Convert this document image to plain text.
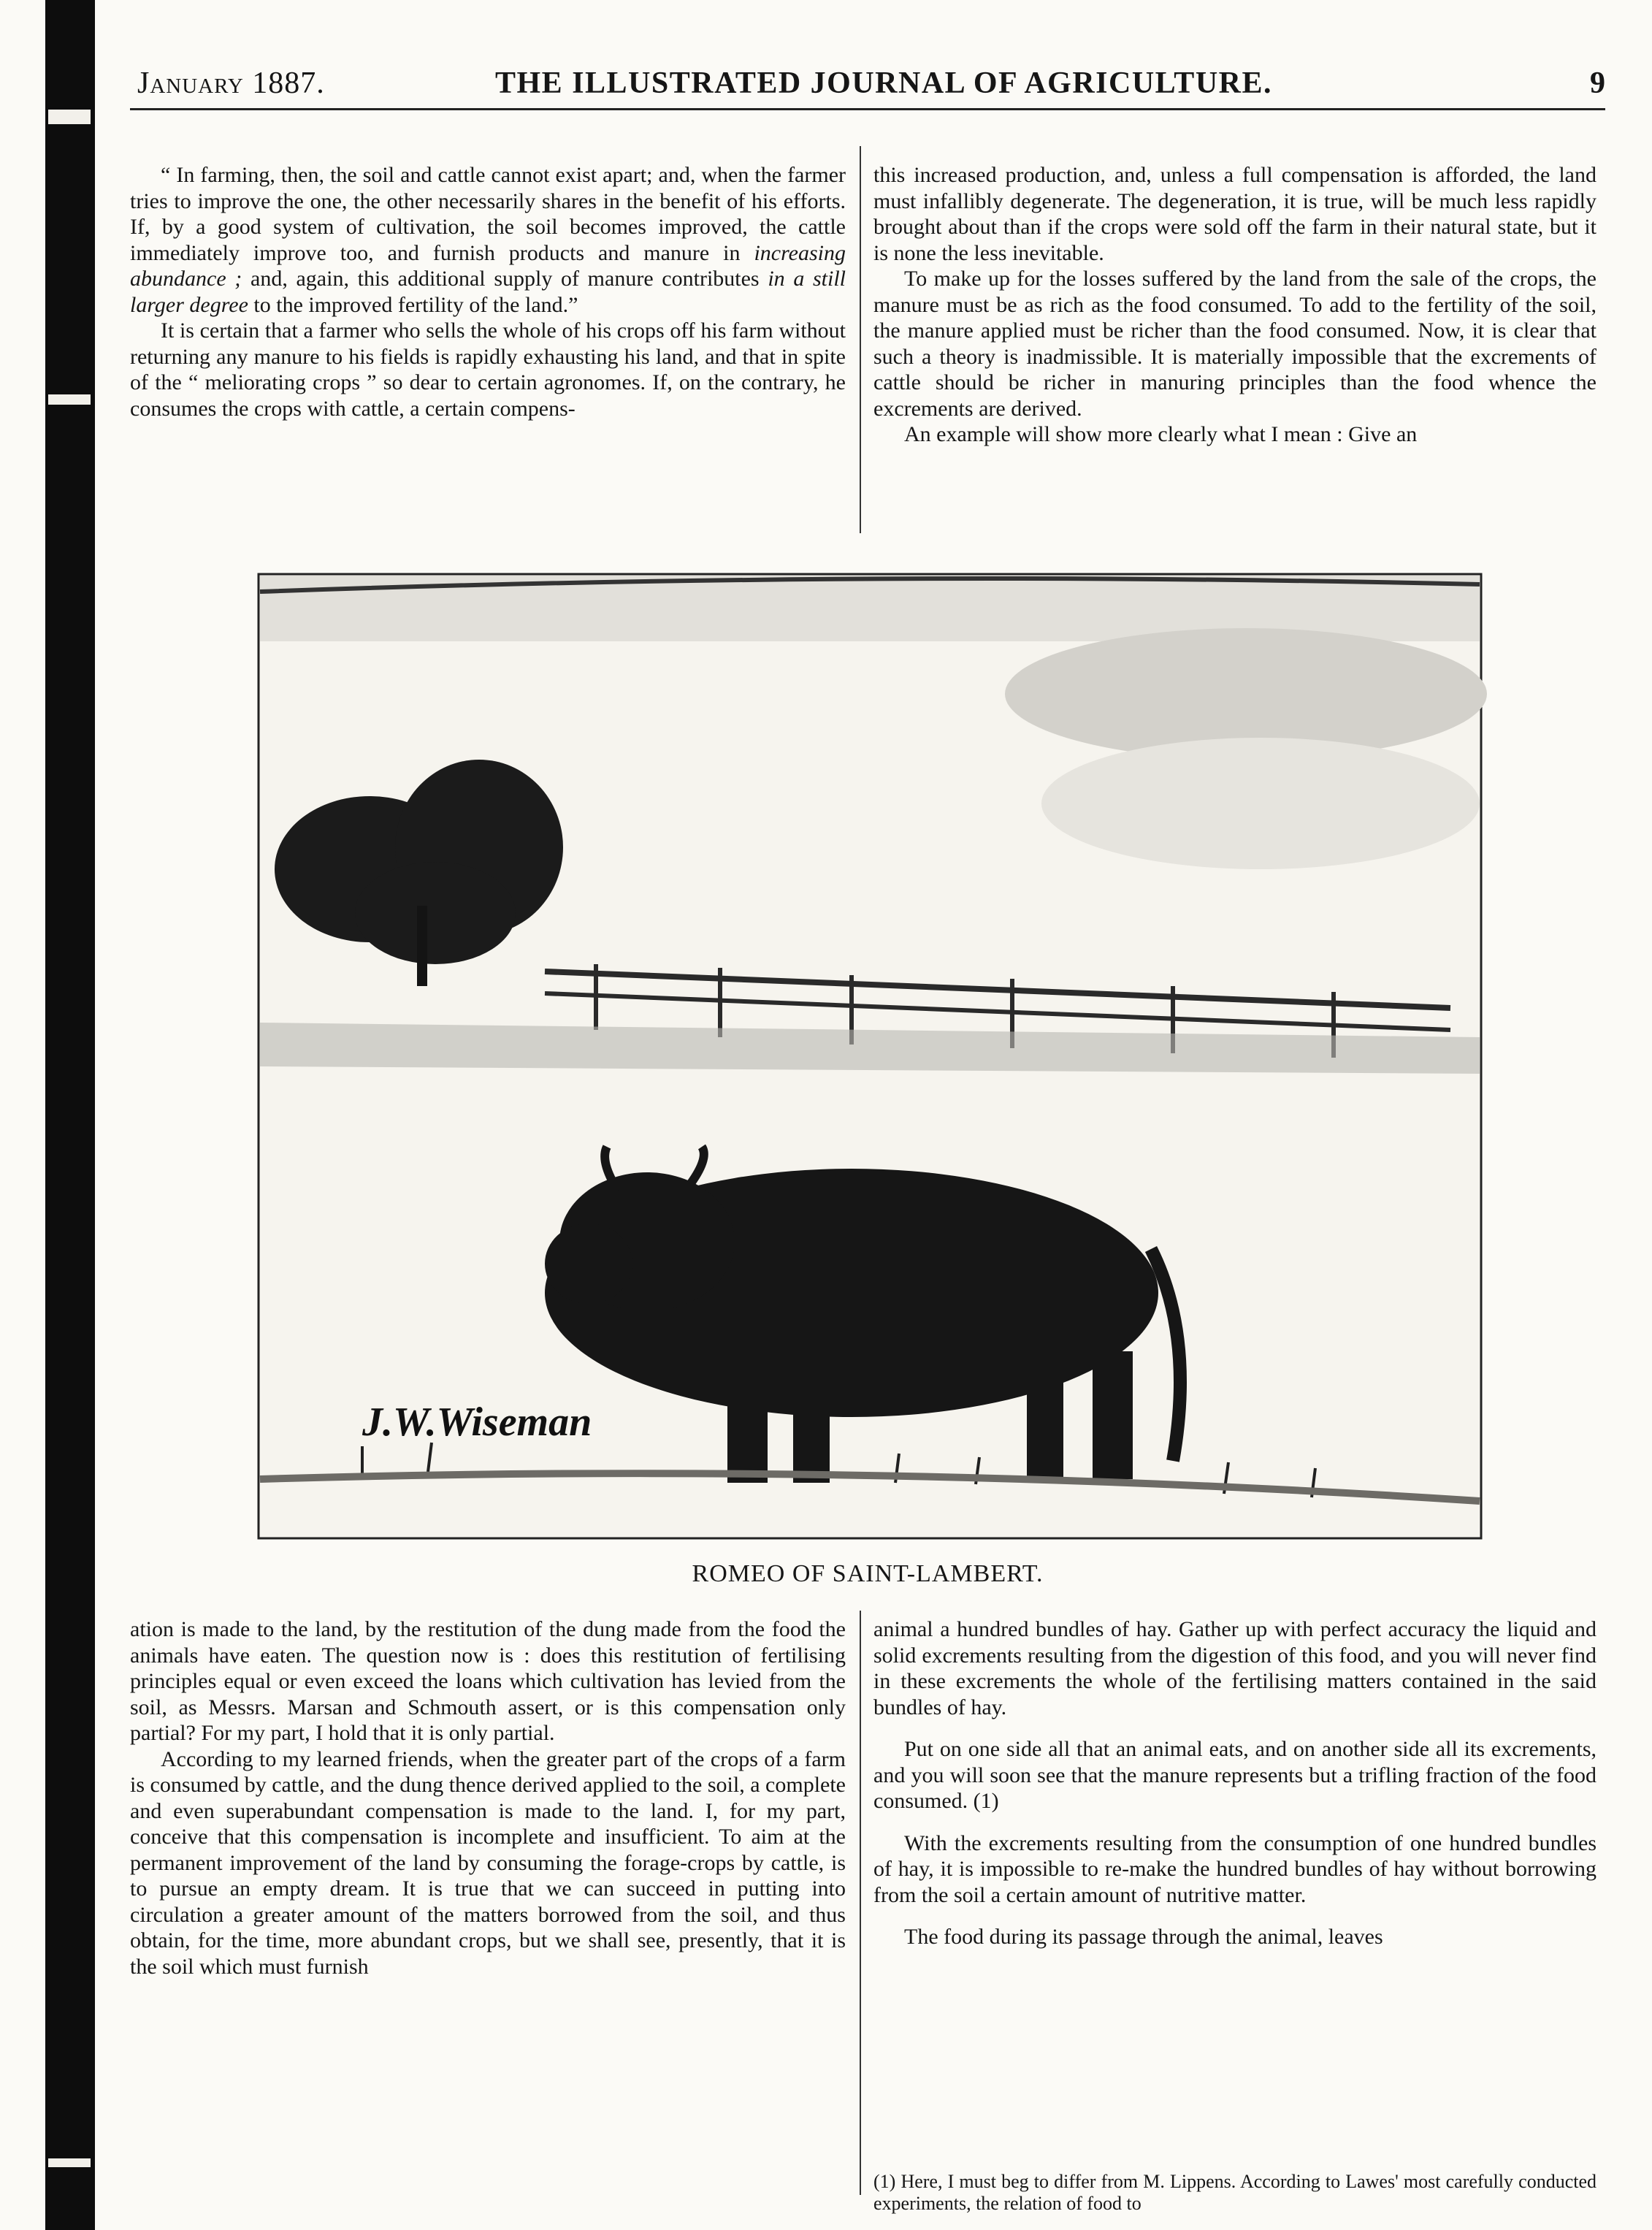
January 1887.	THE ILLUSTRATED JOURNAL OF AGRICULTURE.	9

“ In farming, then, the soil and cattle cannot exist apart; and, when the farmer tries to improve the one, the other necessarily shares in the benefit of his efforts. If, by a good system of cultivation, the soil becomes improved, the cattle immediately improve too, and furnish products and manure in increasing abundance ; and, again, this additional supply of manure contributes in a still larger degree to the improved fertility of the land.”

It is certain that a farmer who sells the whole of his crops off his farm without returning any manure to his fields is rapidly exhausting his land, and that in spite of the “ meliorating crops ” so dear to certain agronomes. If, on the contrary, he consumes the crops with cattle, a certain compens-

this increased production, and, unless a full compensation is afforded, the land must infallibly degenerate. The degeneration, it is true, will be much less rapidly brought about than if the crops were sold off the farm in their natural state, but it is none the less inevitable.

To make up for the losses suffered by the land from the sale of the crops, the manure must be as rich as the food consumed. To add to the fertility of the soil, the manure applied must be richer than the food consumed. Now, it is clear that such a theory is inadmissible. It is materially impossible that the excrements of cattle should be richer in manuring principles than the food whence the excrements are derived.

An example will show more clearly what I mean : Give an

J.W.Wiseman
ROMEO OF SAINT-LAMBERT.

ation is made to the land, by the restitution of the dung made from the food the animals have eaten. The question now is : does this restitution of fertilising principles equal or even exceed the loans which cultivation has levied from the soil, as Messrs. Marsan and Schmouth assert, or is this compensation only partial? For my part, I hold that it is only partial.

According to my learned friends, when the greater part of the crops of a farm is consumed by cattle, and the dung thence derived applied to the soil, a complete and even superabundant compensation is made to the land. I, for my part, conceive that this compensation is incomplete and insufficient. To aim at the permanent improvement of the land by consuming the forage-crops by cattle, is to pursue an empty dream. It is true that we can succeed in putting into circulation a greater amount of the matters borrowed from the soil, and thus obtain, for the time, more abundant crops, but we shall see, presently, that it is the soil which must furnish

animal a hundred bundles of hay. Gather up with perfect accuracy the liquid and solid excrements resulting from the digestion of this food, and you will never find in these excrements the whole of the fertilising matters contained in the said bundles of hay.

Put on one side all that an animal eats, and on another side all its excrements, and you will soon see that the manure represents but a trifling fraction of the food consumed. (1)

With the excrements resulting from the consumption of one hundred bundles of hay, it is impossible to re-make the hundred bundles of hay without borrowing from the soil a certain amount of nutritive matter.

The food during its passage through the animal, leaves

(1) Here, I must beg to differ from M. Lippens. According to Lawes' most carefully conducted experiments, the relation of food to
